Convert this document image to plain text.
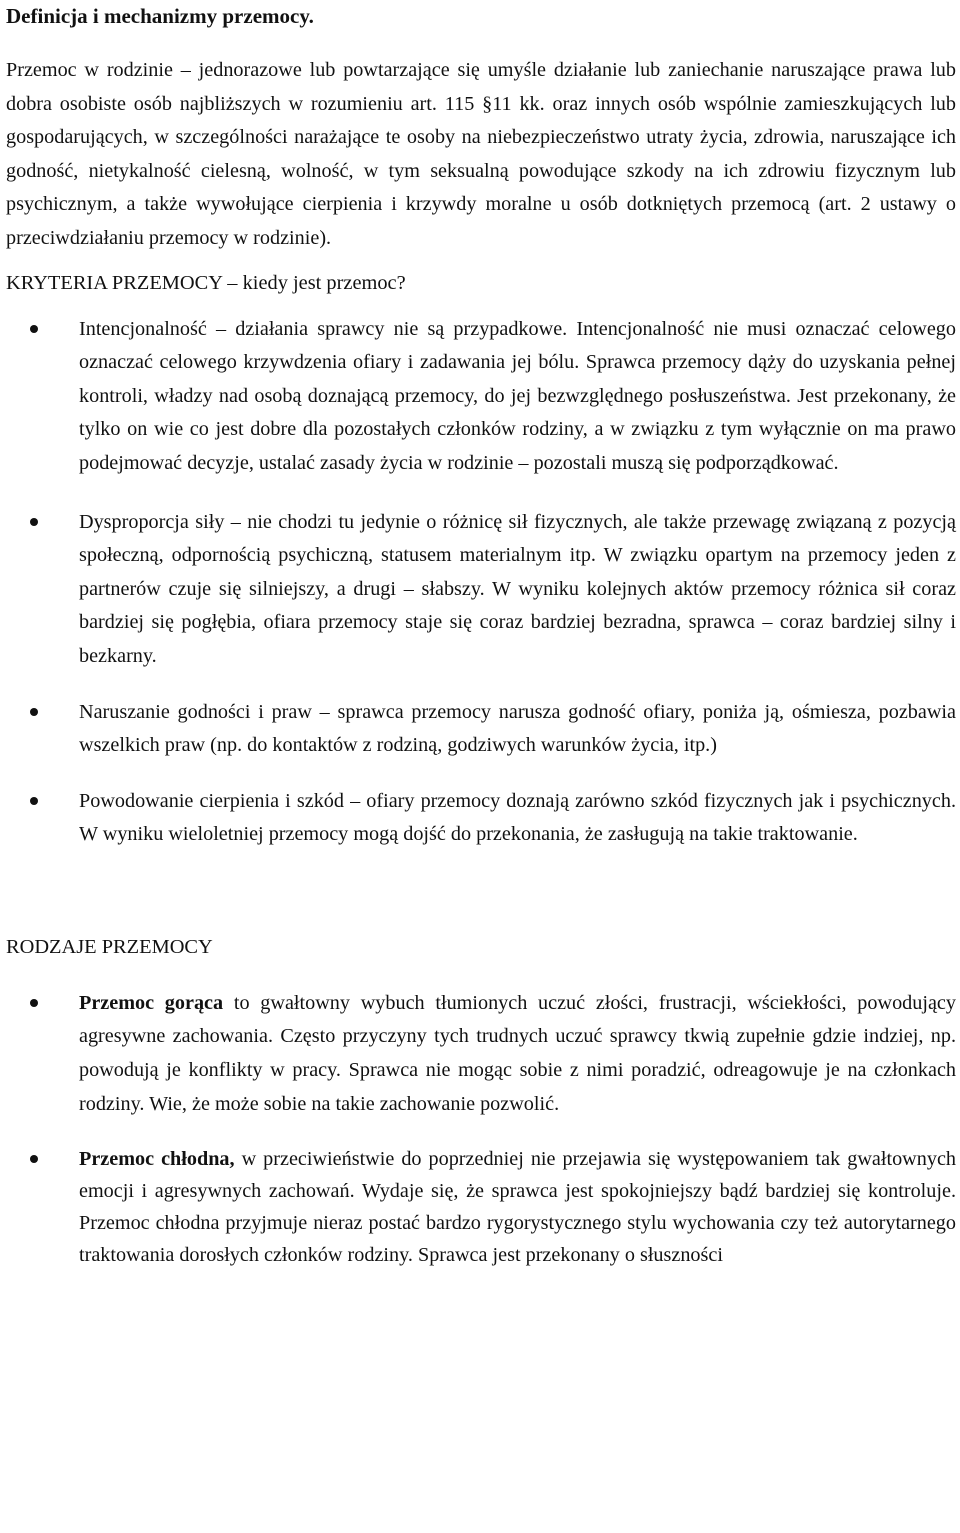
Definicja i mechanizmy przemocy.

Przemoc w rodzinie – jednorazowe lub powtarzające się umyśle działanie lub zaniechanie naruszające prawa lub dobra osobiste osób najbliższych w rozumieniu art. 115 §11 kk. oraz innych osób wspólnie zamieszkujących lub gospodarujących, w szczególności narażające te osoby na niebezpieczeństwo utraty życia, zdrowia, naruszające ich godność, nietykalność cielesną, wolność, w tym seksualną powodujące szkody na ich zdrowiu fizycznym lub psychicznym, a także wywołujące cierpienia i krzywdy moralne u osób dotkniętych przemocą (art. 2 ustawy o przeciwdziałaniu przemocy w rodzinie).

KRYTERIA PRZEMOCY – kiedy jest przemoc?

Intencjonalność – działania sprawcy nie są przypadkowe. Intencjonalność nie musi oznaczać celowego oznaczać celowego krzywdzenia ofiary i zadawania jej bólu. Sprawca przemocy dąży do uzyskania pełnej kontroli, władzy nad osobą doznającą przemocy, do jej bezwzględnego posłuszeństwa. Jest przekonany, że tylko on wie co jest dobre dla pozostałych członków rodziny, a w związku z tym wyłącznie on ma prawo podejmować decyzje, ustalać zasady życia w rodzinie – pozostali muszą się podporządkować.
Dysproporcja siły – nie chodzi tu jedynie o różnicę sił fizycznych, ale także przewagę związaną z pozycją społeczną, odpornością psychiczną, statusem materialnym itp. W związku opartym na przemocy jeden z partnerów czuje się silniejszy, a drugi – słabszy. W wyniku kolejnych aktów przemocy różnica sił coraz bardziej się pogłębia, ofiara przemocy staje się coraz bardziej bezradna, sprawca – coraz bardziej silny i bezkarny.
Naruszanie godności i praw – sprawca przemocy narusza godność ofiary, poniża ją, ośmiesza, pozbawia wszelkich praw (np. do kontaktów z rodziną, godziwych warunków życia, itp.)
Powodowanie cierpienia i szkód – ofiary przemocy doznają zarówno szkód fizycznych jak i psychicznych. W wyniku wieloletniej przemocy mogą dojść do przekonania, że zasługują na takie traktowanie.

RODZAJE PRZEMOCY

Przemoc gorąca to gwałtowny wybuch tłumionych uczuć złości, frustracji, wściekłości, powodujący agresywne zachowania. Często przyczyny tych trudnych uczuć sprawcy tkwią zupełnie gdzie indziej, np. powodują je konflikty w pracy. Sprawca nie mogąc sobie z nimi poradzić, odreagowuje je na członkach rodziny. Wie, że może sobie na takie zachowanie pozwolić.
Przemoc chłodna, w przeciwieństwie do poprzedniej nie przejawia się występowaniem tak gwałtownych emocji i agresywnych zachowań. Wydaje się, że sprawca jest spokojniejszy bądź bardziej się kontroluje. Przemoc chłodna przyjmuje nieraz postać bardzo rygorystycznego stylu wychowania czy też autorytarnego traktowania dorosłych członków rodziny. Sprawca jest przekonany o słuszności
